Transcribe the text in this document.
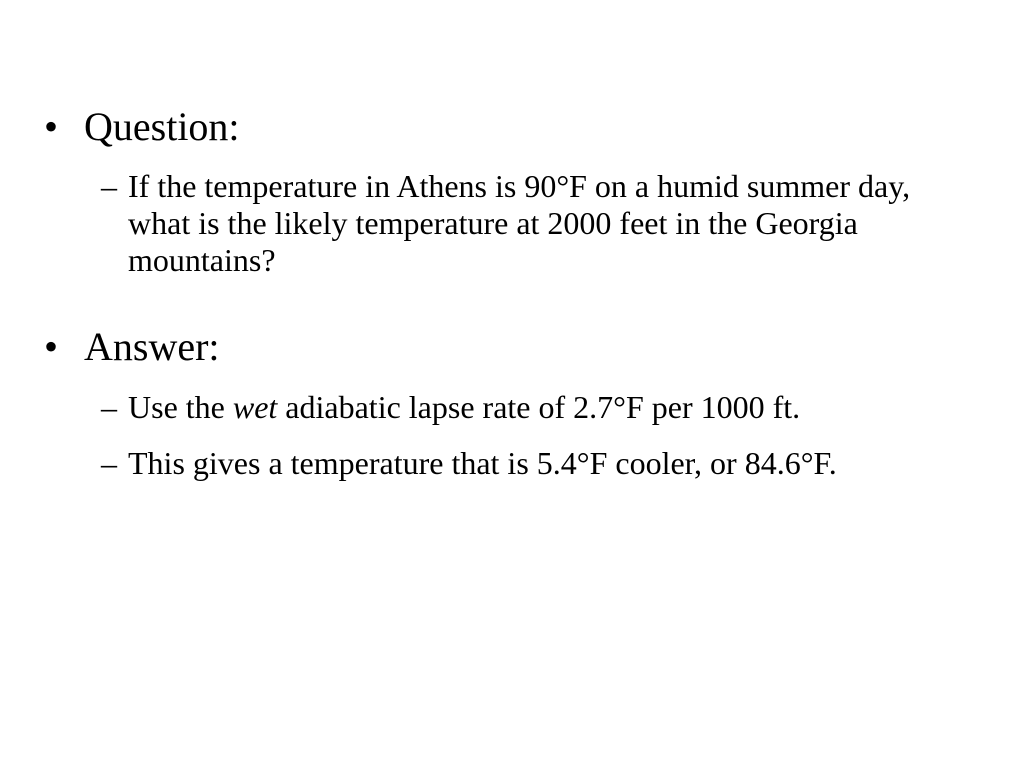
• Question:
– If the temperature in Athens is 90°F on a humid summer day, what is the likely temperature at 2000 feet in the Georgia mountains?
• Answer:
– Use the wet adiabatic lapse rate of 2.7°F per 1000 ft.
– This gives a temperature that is 5.4°F cooler, or 84.6°F.
